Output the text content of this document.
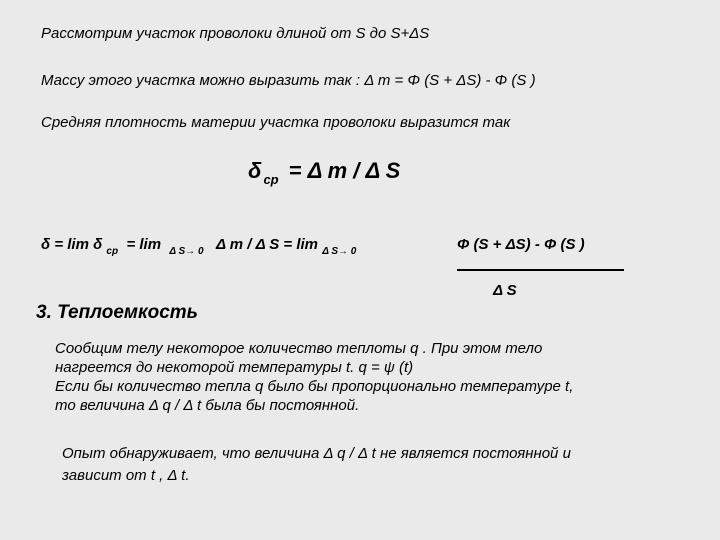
Рассмотрим участок проволоки длиной от S до S+ΔS
Массу этого участка можно выразить так : Δ m = Φ (S + ΔS) - Φ (S )
Средняя плотность материи участка проволоки выразится так
δ $_{ср}$ = Δ m / Δ S
δ = lim δ $_{ср}$ = lim $_{\Delta S\to 0}$ Δ m / Δ S = lim $_{\Delta S\to 0}$	Φ (S + ΔS) - Φ (S )
Δ S
3. Теплоемкость
Сообщим телу некоторое количество теплоты q . При этом тело
нагреется до некоторой температуры t. q = ψ (t)
Если бы количество тепла q было бы пропорционально температуре t,
то величина Δ q / Δ t была бы постоянной.
Опыт обнаруживает, что величина Δ q / Δ t не является постоянной и
зависит от t , Δ t.
